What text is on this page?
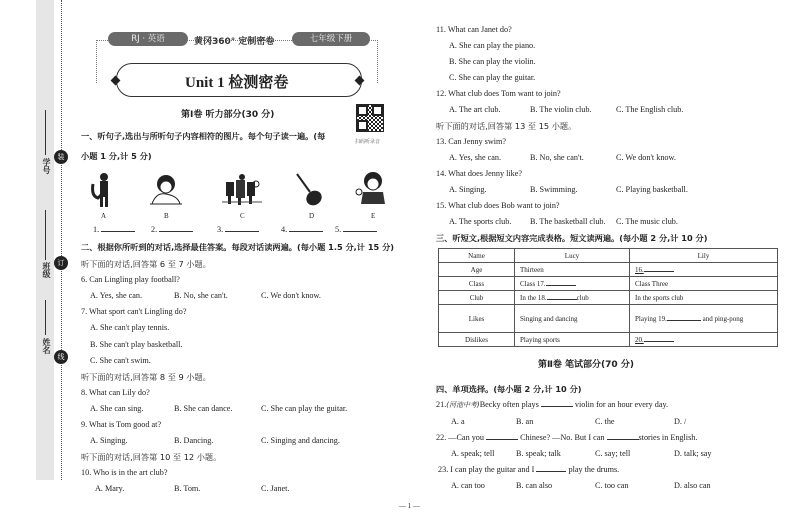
学号
班级
姓名
装
订
线
RJ · 英语	黄冈360° 定制密卷	七年级下册
Unit 1 检测密卷
第Ⅰ卷 听力部分(30 分)
扫码听录音
一、听句子,选出与所听句子内容相符的图片。每个句子读一遍。(每
小题 1 分,计 5 分)
A	B	C	D	E
1.	2.	3.	4.	5.
二、根据你所听到的对话,选择最佳答案。每段对话读两遍。(每小题 1.5 分,计 15 分)
听下面的对话,回答第 6 至 7 小题。
6. Can Lingling play football?
A. Yes, she can.	B. No, she can't.	C. We don't know.
7. What sport can't Lingling do?
A. She can't play tennis.
B. She can't play basketball.
C. She can't swim.
听下面的对话,回答第 8 至 9 小题。
8. What can Lily do?
A. She can sing.	B. She can dance.	C. She can play the guitar.
9. What is Tom good at?
A. Singing.	B. Dancing.	C. Singing and dancing.
听下面的对话,回答第 10 至 12 小题。
10. Who is in the art club?
A. Mary.	B. Tom.	C. Janet.
11. What can Janet do?
A. She can play the piano.
B. She can play the violin.
C. She can play the guitar.
12. What club does Tom want to join?
A. The art club.	B. The violin club.	C. The English club.
听下面的对话,回答第 13 至 15 小题。
13. Can Jenny swim?
A. Yes, she can.	B. No, she can't.	C. We don't know.
14. What does Jenny like?
A. Singing.	B. Swimming.	C. Playing basketball.
15. What club does Bob want to join?
A. The sports club. B. The basketball club. C. The music club.
三、听短文,根据短文内容完成表格。短文读两遍。(每小题 2 分,计 10 分)
Name	Lucy	Lily
Age	Thirteen	16.
Class	Class 17.	Class Three
Club	In the 18. club	In the sports club
Likes	Singing and dancing	Playing 19. and ping-pong
Dislikes	Playing sports	20.
第Ⅱ卷 笔试部分(70 分)
四、单项选择。(每小题 2 分,计 10 分)
21.(河池中考)Becky often plays	violin for an hour every day.
A. a	B. an	C. the	D. /
22. —Can you	Chinese? —No. But I can	stories in English.
A. speak; tell	B. speak; talk	C. say; tell	D. talk; say
23. I can play the guitar and I	play the drums.
A. can too	B. can also	C. too can	D. also can
— 1 —
